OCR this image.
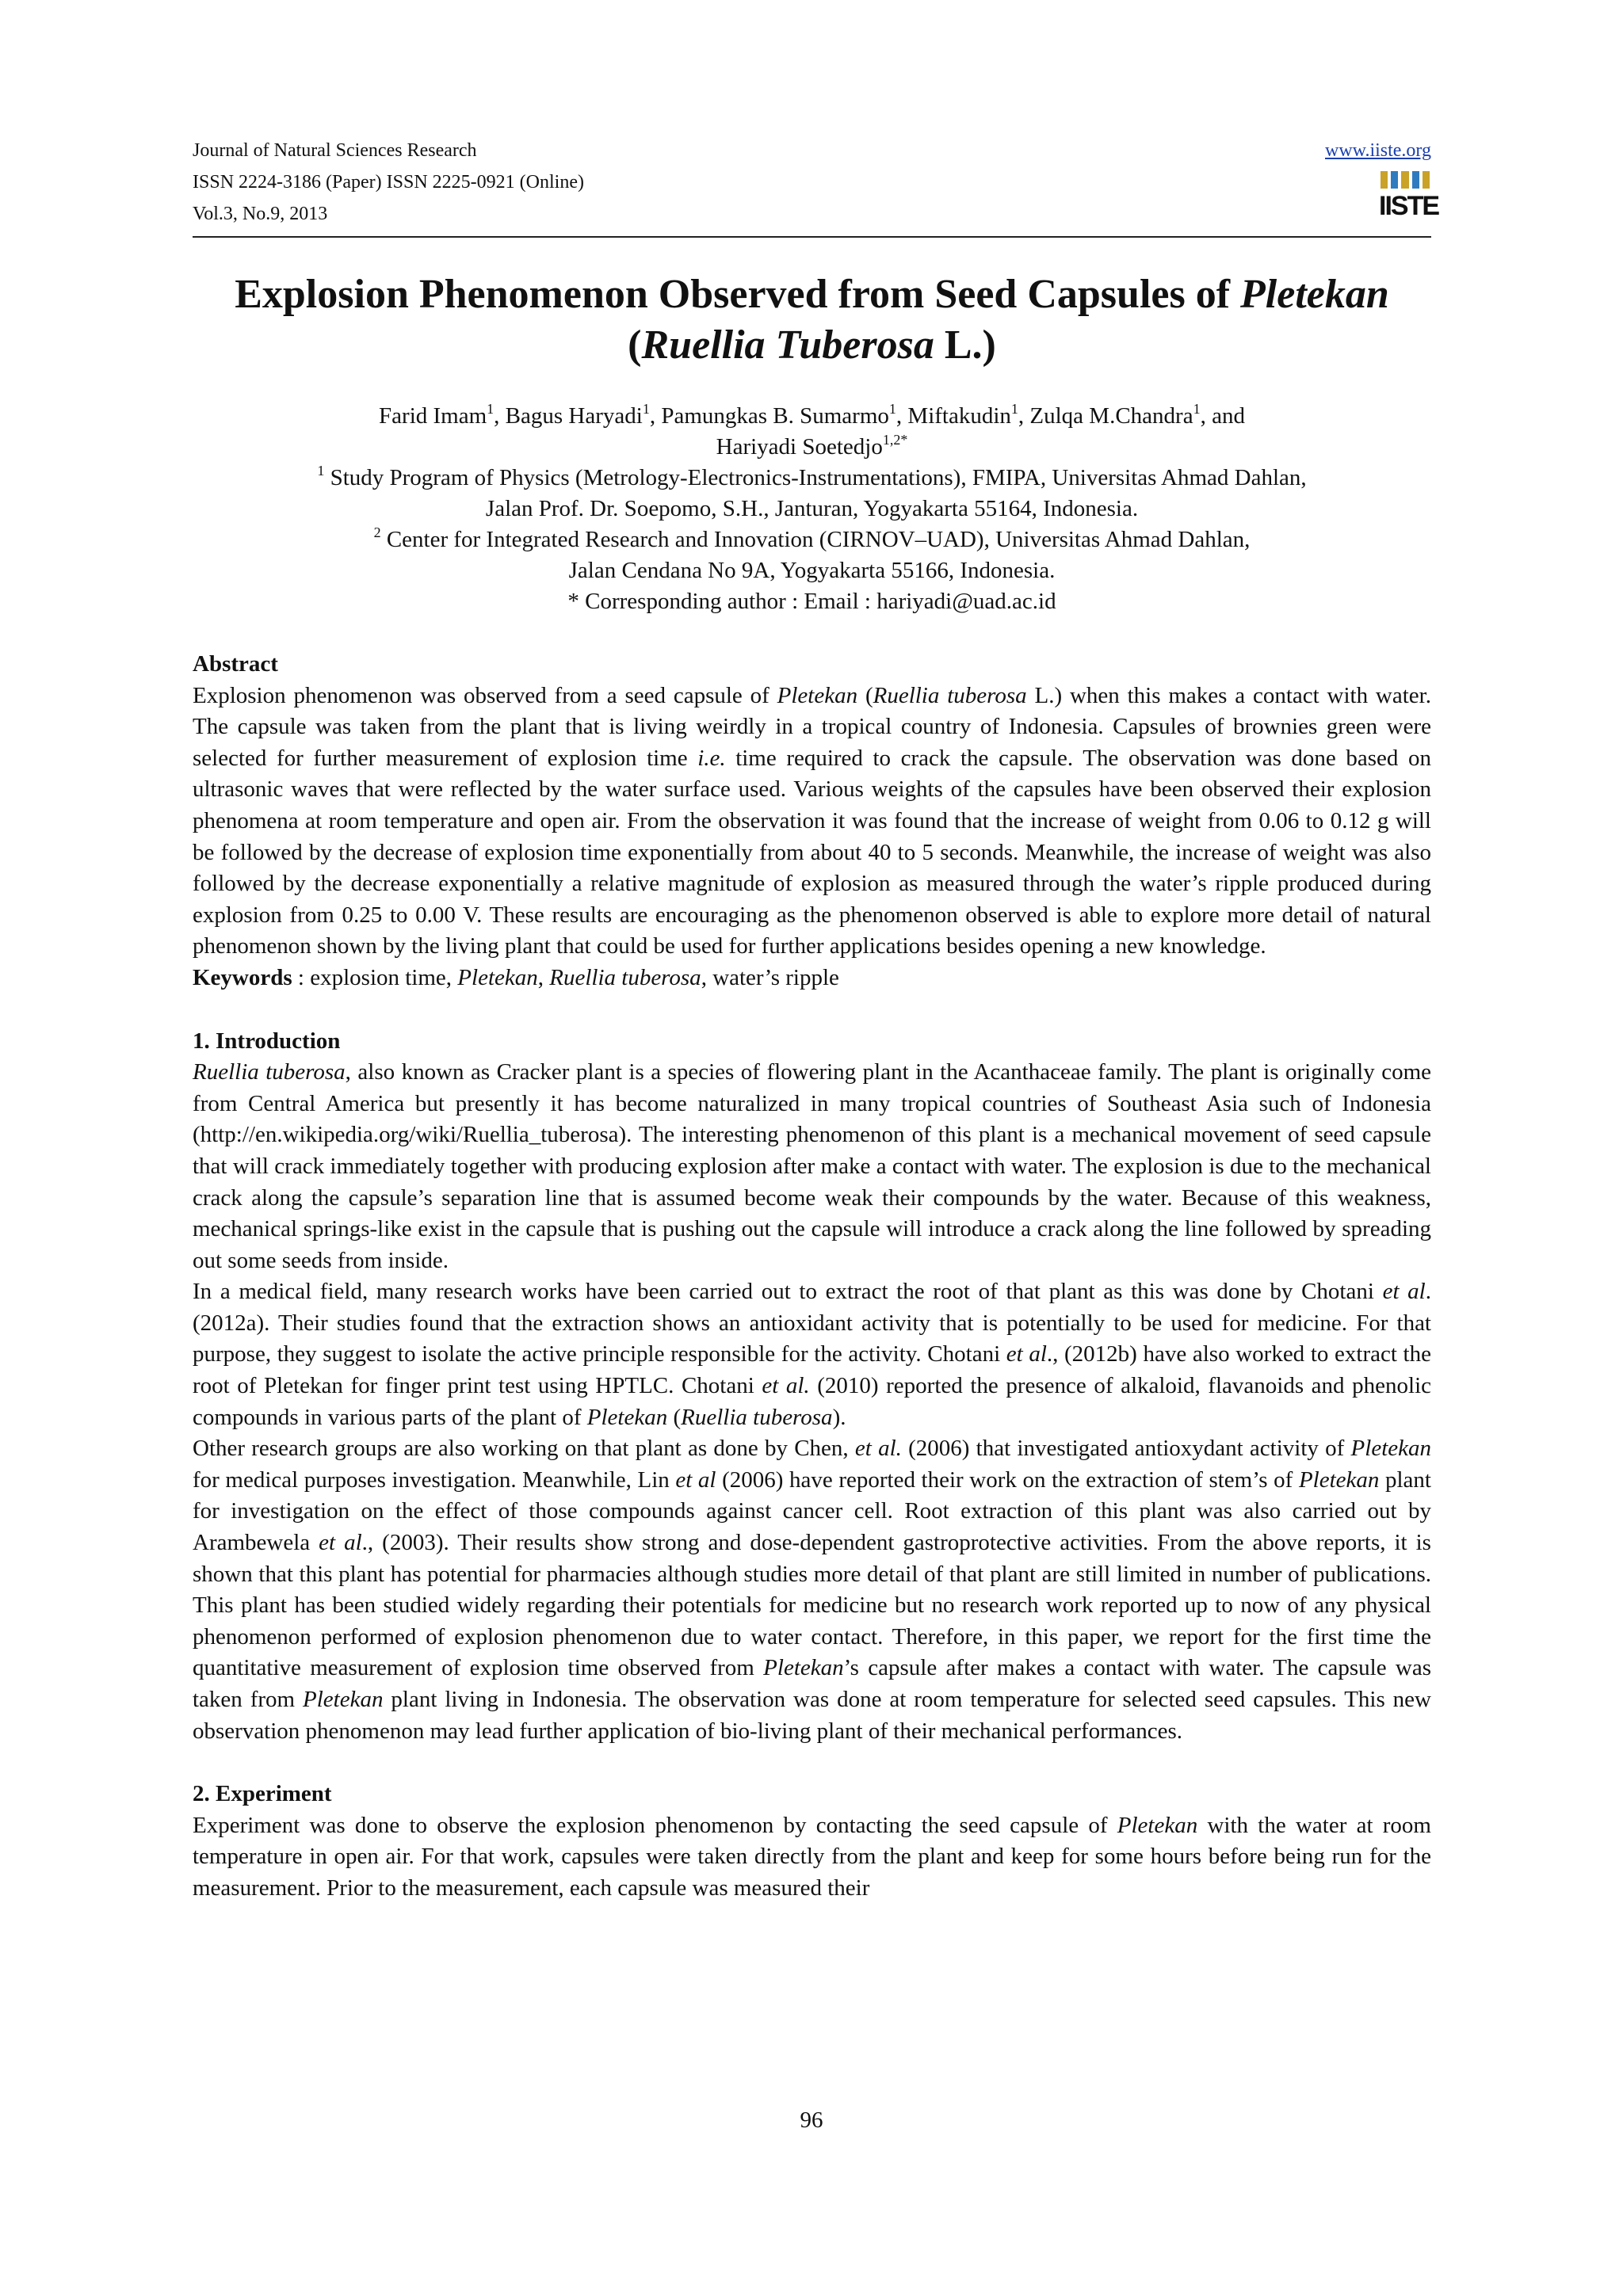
Journal of Natural Sciences Research
ISSN 2224-3186 (Paper) ISSN 2225-0921 (Online)
Vol.3, No.9, 2013
www.iiste.org
IISTE
Explosion Phenomenon Observed from Seed Capsules of Pletekan
(Ruellia Tuberosa L.)
Farid Imam$^1$, Bagus Haryadi$^1$, Pamungkas B. Sumarmo$^1$, Miftakudin$^1$, Zulqa M.Chandra$^1$, and
Hariyadi Soetedjo$^{1,2*}$
$^1$ Study Program of Physics (Metrology-Electronics-Instrumentations), FMIPA, Universitas Ahmad Dahlan,
Jalan Prof. Dr. Soepomo, S.H., Janturan, Yogyakarta 55164, Indonesia.
$^2$ Center for Integrated Research and Innovation (CIRNOV–UAD), Universitas Ahmad Dahlan,
Jalan Cendana No 9A, Yogyakarta 55166, Indonesia.
* Corresponding author : Email : hariyadi@uad.ac.id
Abstract

Explosion phenomenon was observed from a seed capsule of Pletekan (Ruellia tuberosa L.) when this makes a contact with water. The capsule was taken from the plant that is living weirdly in a tropical country of Indonesia. Capsules of brownies green were selected for further measurement of explosion time i.e. time required to crack the capsule. The observation was done based on ultrasonic waves that were reflected by the water surface used. Various weights of the capsules have been observed their explosion phenomena at room temperature and open air. From the observation it was found that the increase of weight from 0.06 to 0.12 g will be followed by the decrease of explosion time exponentially from about 40 to 5 seconds. Meanwhile, the increase of weight was also followed by the decrease exponentially a relative magnitude of explosion as measured through the water’s ripple produced during explosion from 0.25 to 0.00 V. These results are encouraging as the phenomenon observed is able to explore more detail of natural phenomenon shown by the living plant that could be used for further applications besides opening a new knowledge.

Keywords : explosion time, Pletekan, Ruellia tuberosa, water’s ripple

1. Introduction

Ruellia tuberosa, also known as Cracker plant is a species of flowering plant in the Acanthaceae family. The plant is originally come from Central America but presently it has become naturalized in many tropical countries of Southeast Asia such of Indonesia (http://en.wikipedia.org/wiki/Ruellia_tuberosa). The interesting phenomenon of this plant is a mechanical movement of seed capsule that will crack immediately together with producing explosion after make a contact with water. The explosion is due to the mechanical crack along the capsule’s separation line that is assumed become weak their compounds by the water. Because of this weakness, mechanical springs-like exist in the capsule that is pushing out the capsule will introduce a crack along the line followed by spreading out some seeds from inside.

In a medical field, many research works have been carried out to extract the root of that plant as this was done by Chotani et al. (2012a). Their studies found that the extraction shows an antioxidant activity that is potentially to be used for medicine. For that purpose, they suggest to isolate the active principle responsible for the activity. Chotani et al., (2012b) have also worked to extract the root of Pletekan for finger print test using HPTLC. Chotani et al. (2010) reported the presence of alkaloid, flavanoids and phenolic compounds in various parts of the plant of Pletekan (Ruellia tuberosa).

Other research groups are also working on that plant as done by Chen, et al. (2006) that investigated antioxydant activity of Pletekan for medical purposes investigation. Meanwhile, Lin et al (2006) have reported their work on the extraction of stem’s of Pletekan plant for investigation on the effect of those compounds against cancer cell. Root extraction of this plant was also carried out by Arambewela et al., (2003). Their results show strong and dose-dependent gastroprotective activities. From the above reports, it is shown that this plant has potential for pharmacies although studies more detail of that plant are still limited in number of publications. This plant has been studied widely regarding their potentials for medicine but no research work reported up to now of any physical phenomenon performed of explosion phenomenon due to water contact. Therefore, in this paper, we report for the first time the quantitative measurement of explosion time observed from Pletekan’s capsule after makes a contact with water. The capsule was taken from Pletekan plant living in Indonesia. The observation was done at room temperature for selected seed capsules. This new observation phenomenon may lead further application of bio-living plant of their mechanical performances.

2. Experiment

Experiment was done to observe the explosion phenomenon by contacting the seed capsule of Pletekan with the water at room temperature in open air. For that work, capsules were taken directly from the plant and keep for some hours before being run for the measurement. Prior to the measurement, each capsule was measured their

96
